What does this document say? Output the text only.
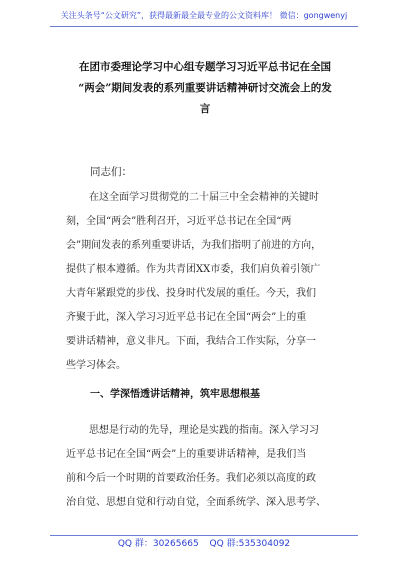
关注头条号“公文研究”，获得最新最全最专业的公文资料库！ 微信：gongwenyj
在团市委理论学习中心组专题学习习近平总书记在全国
“两会”期间发表的系列重要讲话精神研讨交流会上的发
言
同志们：
在这全面学习贯彻党的二十届三中全会精神的关键时
刻，全国“两会”胜利召开，习近平总书记在全国“两
会”期间发表的系列重要讲话，为我们指明了前进的方向，
提供了根本遵循。作为共青团XX市委，我们肩负着引领广
大青年紧跟党的步伐、投身时代发展的重任。今天，我们
齐聚于此，深入学习习近平总书记在全国“两会”上的重
要讲话精神，意义非凡。下面，我结合工作实际，分享一
些学习体会。
一、学深悟透讲话精神，筑牢思想根基
思想是行动的先导，理论是实践的指南。深入学习习
近平总书记在全国“两会”上的重要讲话精神，是我们当
前和今后一个时期的首要政治任务。我们必须以高度的政
治自觉、思想自觉和行动自觉，全面系统学、深入思考学、
QQ 群：30265665 QQ 群:535304092
